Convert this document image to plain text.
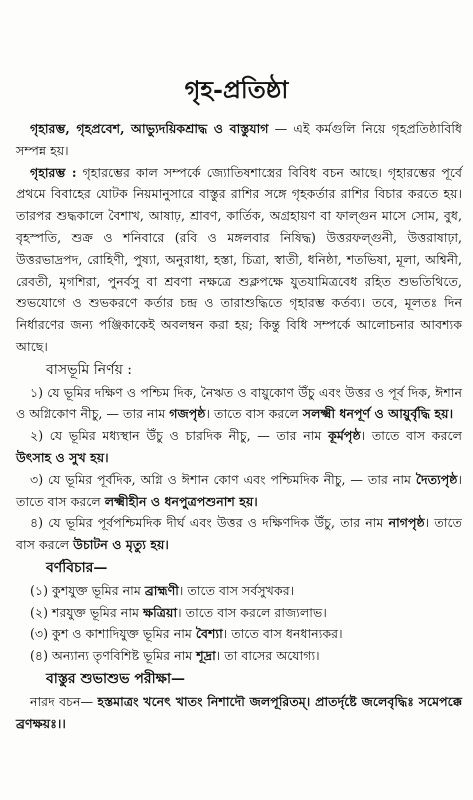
গৃহ-প্রতিষ্ঠা

গৃহারম্ভ, গৃহপ্রবেশ, আভ্যুদয়িকশ্রাদ্ধ ও বাস্তুযাগ — এই কর্মগুলি নিয়ে গৃহপ্রতিষ্ঠাবিধি সম্পন্ন হয়।

গৃহারম্ভ : গৃহারম্ভের কাল সম্পর্কে জ্যোতিষশাস্ত্রের বিবিধ বচন আছে। গৃহারম্ভের পূর্বে প্রথমে বিবাহের যোটক নিয়মানুসারে বাস্তুর রাশির সঙ্গে গৃহকর্তার রাশির বিচার করতে হয়। তারপর শুদ্ধকালে বৈশাখ, আষাঢ়, শ্রাবণ, কার্তিক, অগ্রহায়ণ বা ফাল্গুন মাসে সোম, বুধ, বৃহস্পতি, শুক্র ও শনিবারে (রবি ও মঙ্গলবার নিষিদ্ধ) উত্তরফল্গুনী, উত্তরাষাঢ়া, উত্তরভাদ্রপদ, রোহিণী, পুষ্যা, অনুরাধা, হস্তা, চিত্রা, স্বাতী, ধনিষ্ঠা, শতভিষা, মূলা, অশ্বিনী, রেবতী, মৃগশিরা, পুনর্বসু বা শ্রবণা নক্ষত্রে শুক্লপক্ষে যুতযামিত্রবেধ রহিত শুভতিথিতে, শুভযোগে ও শুভকরণে কর্তার চন্দ্র ও তারাশুদ্ধিতে গৃহারম্ভ কর্তব্য। তবে, মূলতঃ দিন নির্ধারণের জন্য পঞ্জিকাকেই অবলম্বন করা হয়; কিন্তু বিধি সম্পর্কে আলোচনার আবশ্যক আছে।

বাসভূমি নির্ণয় :

১) যে ভূমির দক্ষিণ ও পশ্চিম দিক, নৈঋত ও বায়ুকোণ উঁচু এবং উত্তর ও পূর্ব দিক, ঈশান ও অগ্নিকোণ নীচু, — তার নাম গজপৃষ্ঠ। তাতে বাস করলে সলক্ষ্মী ধনপূর্ণ ও আয়ুর্বৃদ্ধি হয়।

২) যে ভূমির মধ্যস্থান উঁচু ও চারদিক নীচু, — তার নাম কূর্মপৃষ্ঠ। তাতে বাস করলে উৎসাহ ও সুখ হয়।

৩) যে ভূমির পূর্বদিক, অগ্নি ও ঈশান কোণ এবং পশ্চিমদিক নীচু, — তার নাম দৈত্যপৃষ্ঠ। তাতে বাস করলে লক্ষ্মীহীন ও ধনপুত্রপশুনাশ হয়।

৪) যে ভূমির পূর্বপশ্চিমদিক দীর্ঘ এবং উত্তর ও দক্ষিণদিক উঁচু, তার নাম নাগপৃষ্ঠ। তাতে বাস করলে উচাটন ও মৃত্যু হয়।

বর্ণবিচার—

(১) কুশযুক্ত ভূমির নাম ব্রাহ্মণী। তাতে বাস সর্বসুখকর।

(২) শরযুক্ত ভূমির নাম ক্ষত্রিয়া। তাতে বাস করলে রাজ্যলাভ।

(৩) কুশ ও কাশাদিযুক্ত ভূমির নাম বৈশ্যা। তাতে বাস ধনধান্যকর।

(৪) অন্যান্য তৃণবিশিষ্ট ভূমির নাম শূদ্রা। তা বাসের অযোগ্য।

বাস্তুর শুভাশুভ পরীক্ষা—

নারদ বচন— হস্তমাত্রং খনেৎ খাতং নিশাদৌ জলপূরিতম্। প্রাতর্দৃষ্টে জলেবৃদ্ধিঃ সমেপক্কে ব্রণক্ষয়ঃ।।
